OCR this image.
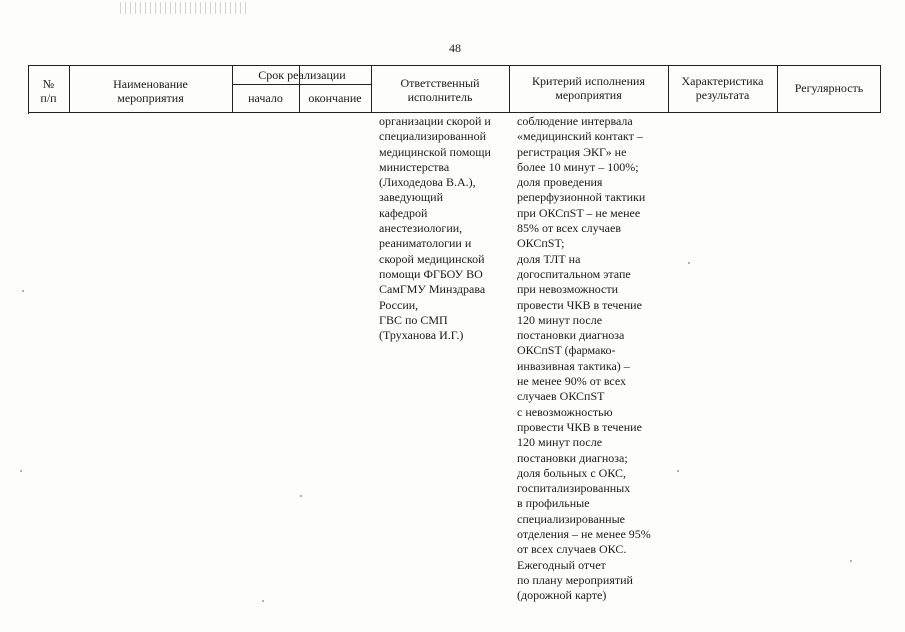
48
№
п/п
Наименование
мероприятия
Срок реализации
начало	окончание
Ответственный
исполнитель
Критерий исполнения
мероприятия
Характеристика
результата	Регулярность
организации скорой и
специализированной
медицинской помощи
министерства
(Лиходедова В.А.),
заведующий
кафедрой
анестезиологии,
реаниматологии и
скорой медицинской
помощи ФГБОУ ВО
СамГМУ Минздрава
России,
ГВС по СМП
(Труханова И.Г.)
соблюдение интервала
«медицинский контакт –
регистрация ЭКГ» не
более 10 минут – 100%;
доля проведения
реперфузионной тактики
при ОКСпST – не менее
85% от всех случаев
ОКСпST;
доля ТЛТ на
догоспитальном этапе
при невозможности
провести ЧКВ в течение
120 минут после
постановки диагноза
ОКСпST (фармако-
инвазивная тактика) –
не менее 90% от всех
случаев ОКСпST
с невозможностью
провести ЧКВ в течение
120 минут после
постановки диагноза;
доля больных с ОКС,
госпитализированных
в профильные
специализированные
отделения – не менее 95%
от всех случаев ОКС.
Ежегодный отчет
по плану мероприятий
(дорожной карте)
